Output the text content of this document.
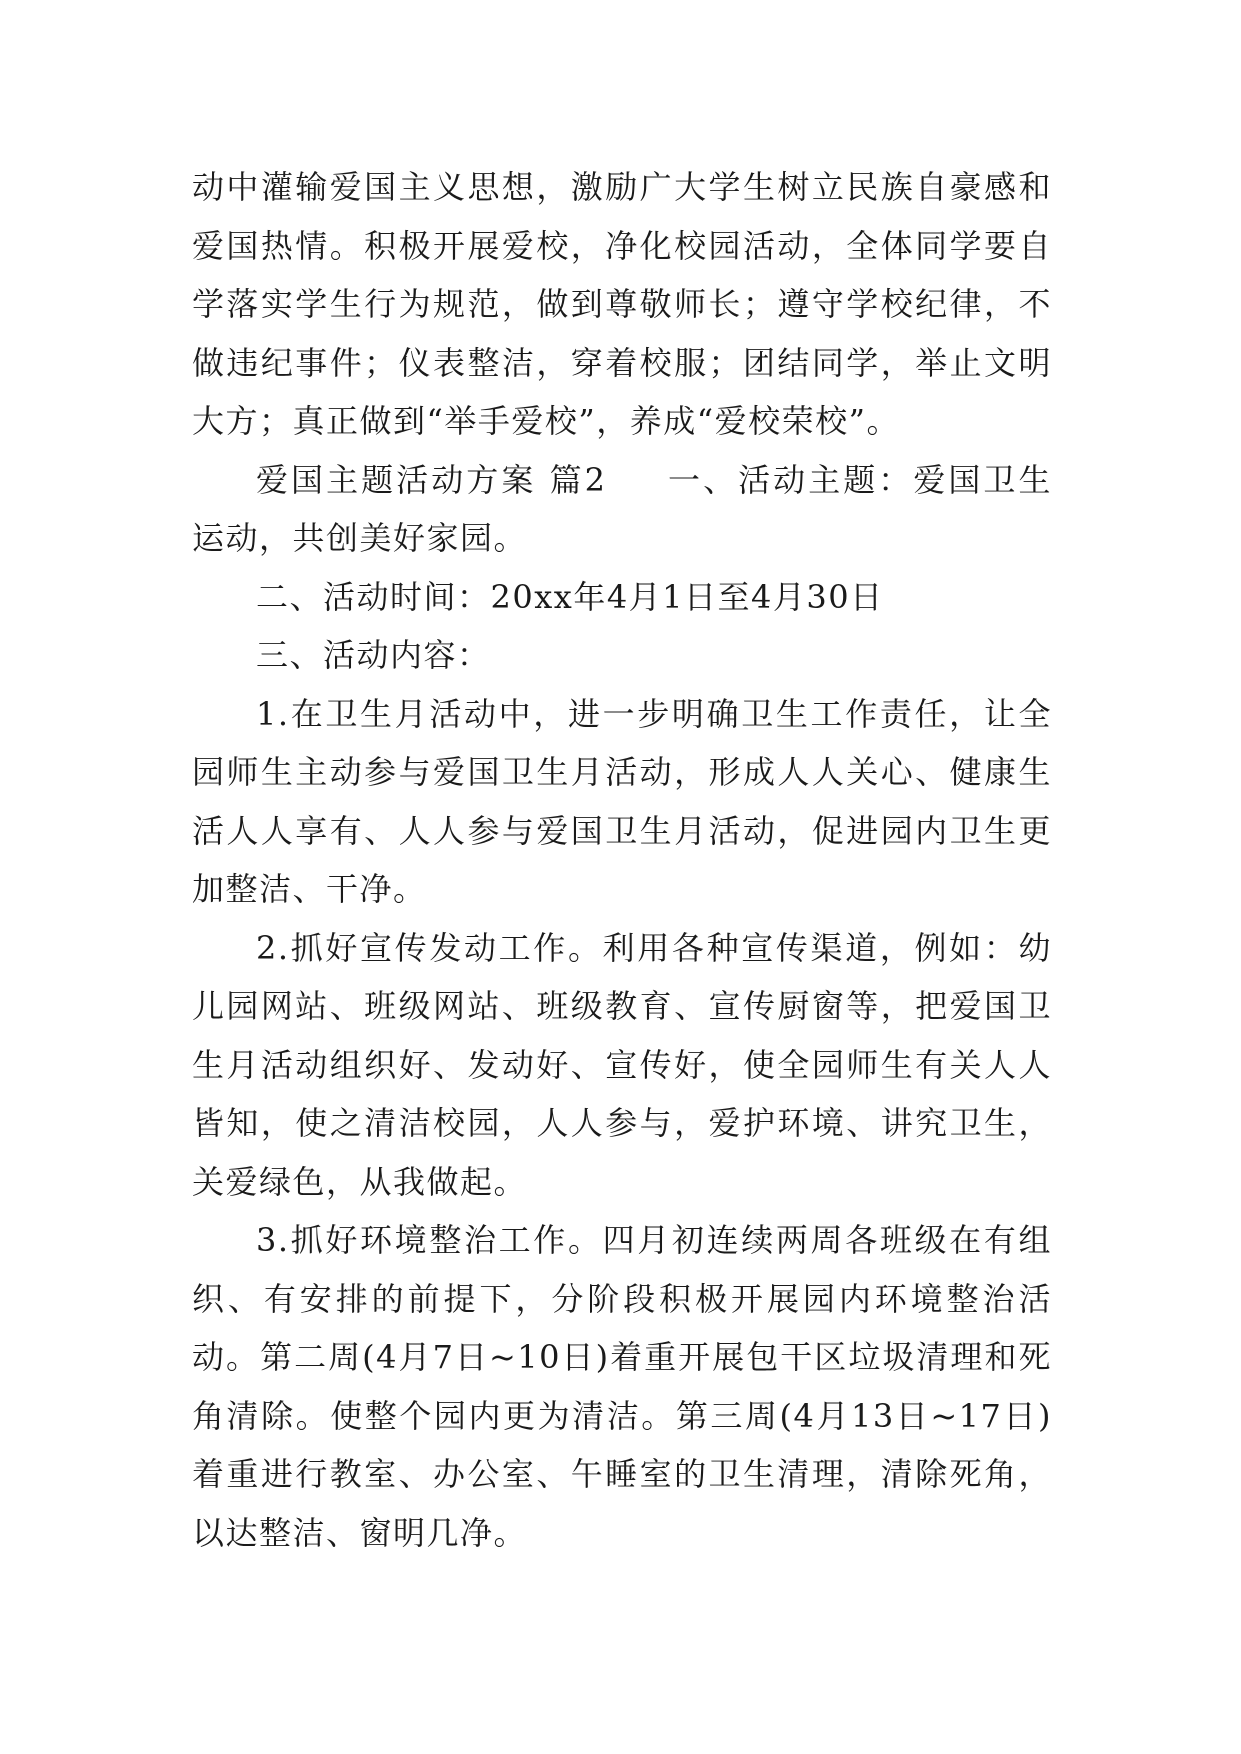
动中灌输爱国主义思想，激励广大学生树立民族自豪感和爱国热情。积极开展爱校，净化校园活动，全体同学要自学落实学生行为规范，做到尊敬师长；遵守学校纪律，不做违纪事件；仪表整洁，穿着校服；团结同学，举止文明大方；真正做到“举手爱校”，养成“爱校荣校”。

爱国主题活动方案 篇2 一、活动主题：爱国卫生运动，共创美好家园。

二、活动时间：20xx年4月1日至4月30日

三、活动内容：

1.在卫生月活动中，进一步明确卫生工作责任，让全园师生主动参与爱国卫生月活动，形成人人关心、健康生活人人享有、人人参与爱国卫生月活动，促进园内卫生更加整洁、干净。

2.抓好宣传发动工作。利用各种宣传渠道，例如：幼儿园网站、班级网站、班级教育、宣传厨窗等，把爱国卫生月活动组织好、发动好、宣传好，使全园师生有关人人皆知，使之清洁校园，人人参与，爱护环境、讲究卫生，关爱绿色，从我做起。

3.抓好环境整治工作。四月初连续两周各班级在有组织、有安排的前提下，分阶段积极开展园内环境整治活动。第二周(4月7日~10日)着重开展包干区垃圾清理和死角清除。使整个园内更为清洁。第三周(4月13日~17日)着重进行教室、办公室、午睡室的卫生清理，清除死角，以达整洁、窗明几净。
